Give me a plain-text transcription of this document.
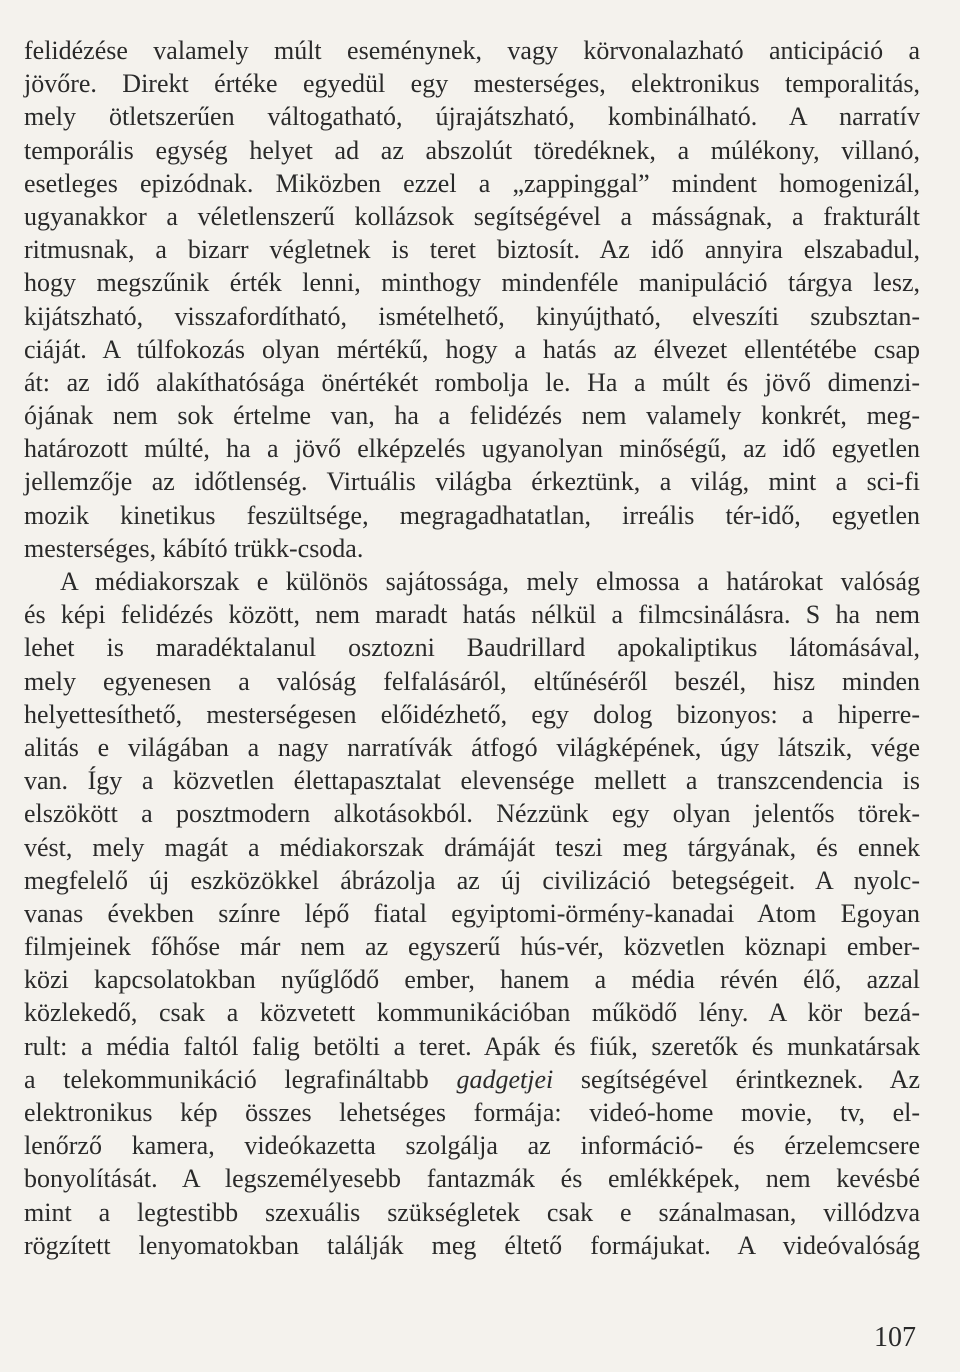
felidézése valamely múlt eseménynek, vagy körvonalazható anticipáció a
jövőre. Direkt értéke egyedül egy mesterséges, elektronikus temporalitás,
mely ötletszerűen váltogatható, újrajátszható, kombinálható. A narratív
temporális egység helyet ad az abszolút töredéknek, a múlékony, villanó,
esetleges epizódnak. Miközben ezzel a „zappinggal” mindent homogenizál,
ugyanakkor a véletlenszerű kollázsok segítségével a másságnak, a frakturált
ritmusnak, a bizarr végletnek is teret biztosít. Az idő annyira elszabadul,
hogy megszűnik érték lenni, minthogy mindenféle manipuláció tárgya lesz,
kijátszható, visszafordítható, ismételhető, kinyújtható, elveszíti szubsztan-
ciáját. A túlfokozás olyan mértékű, hogy a hatás az élvezet ellentétébe csap
át: az idő alakíthatósága önértékét rombolja le. Ha a múlt és jövő dimenzi-
ójának nem sok értelme van, ha a felidézés nem valamely konkrét, meg-
határozott múlté, ha a jövő elképzelés ugyanolyan minőségű, az idő egyetlen
jellemzője az időtlenség. Virtuális világba érkeztünk, a világ, mint a sci-fi
mozik kinetikus feszültsége, megragadhatatlan, irreális tér-idő, egyetlen
mesterséges, kábító trükk-csoda.
A médiakorszak e különös sajátossága, mely elmossa a határokat valóság
és képi felidézés között, nem maradt hatás nélkül a filmcsinálásra. S ha nem
lehet is maradéktalanul osztozni Baudrillard apokaliptikus látomásával,
mely egyenesen a valóság felfalásáról, eltűnéséről beszél, hisz minden
helyettesíthető, mesterségesen előidézhető, egy dolog bizonyos: a hiperre-
alitás e világában a nagy narratívák átfogó világképének, úgy látszik, vége
van. Így a közvetlen élettapasztalat elevensége mellett a transzcendencia is
elszökött a posztmodern alkotásokból. Nézzünk egy olyan jelentős törek-
vést, mely magát a médiakorszak drámáját teszi meg tárgyának, és ennek
megfelelő új eszközökkel ábrázolja az új civilizáció betegségeit. A nyolc-
vanas években színre lépő fiatal egyiptomi-örmény-kanadai Atom Egoyan
filmjeinek főhőse már nem az egyszerű hús-vér, közvetlen köznapi ember-
közi kapcsolatokban nyűglődő ember, hanem a média révén élő, azzal
közlekedő, csak a közvetett kommunikációban működő lény. A kör bezá-
rult: a média faltól falig betölti a teret. Apák és fiúk, szeretők és munkatársak
a telekommunikáció legrafináltabb gadgetjei segítségével érintkeznek. Az
elektronikus kép összes lehetséges formája: videó-home movie, tv, el-
lenőrző kamera, videókazetta szolgálja az információ- és érzelemcsere
bonyolítását. A legszemélyesebb fantazmák és emlékképek, nem kevésbé
mint a legtestibb szexuális szükségletek csak e szánalmasan, villódzva
rögzített lenyomatokban találják meg éltető formájukat. A videóvalóság
107
